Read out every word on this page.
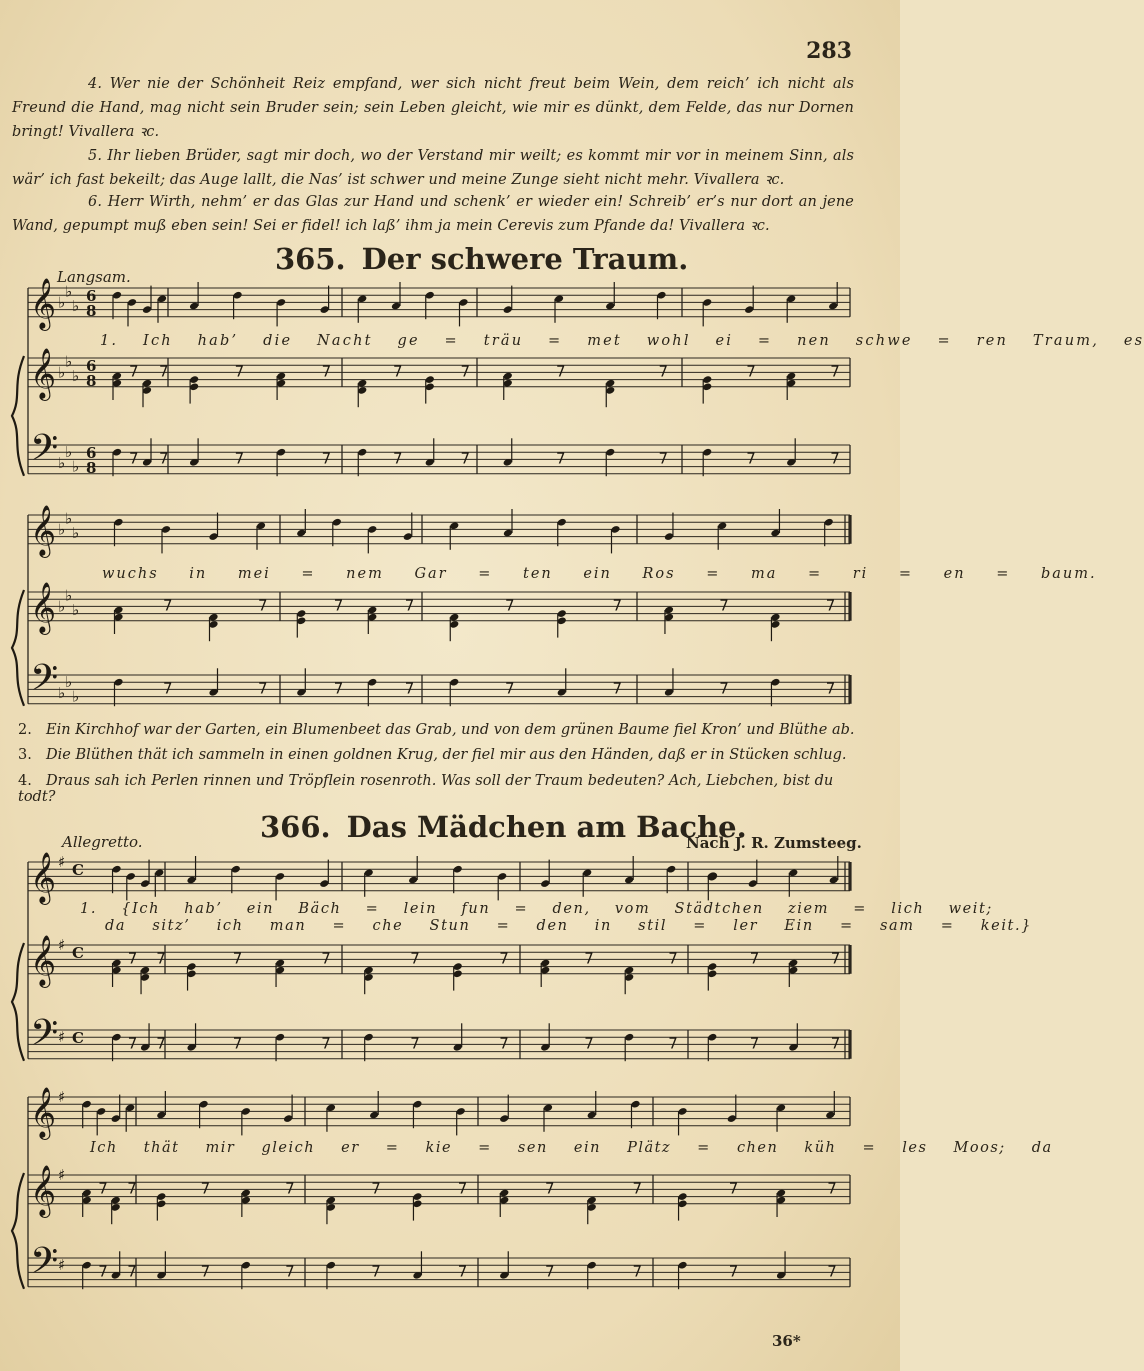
283
4. Wer nie der Schönheit Reiz empfand, wer sich nicht freut beim Wein, dem reich’ ich nicht als Freund die Hand, mag nicht sein Bruder sein; sein Leben gleicht, wie mir es dünkt, dem Felde, das nur Dornen bringt! Vivallera ꝛc.
5. Ihr lieben Brüder, sagt mir doch, wo der Verstand mir weilt; es kommt mir vor in meinem Sinn, als wär’ ich fast bekeilt; das Auge lallt, die Nas’ ist schwer und meine Zunge sieht nicht mehr. Vivallera ꝛc.
6. Herr Wirth, nehm’ er das Glas zur Hand und schenk’ er wieder ein! Schreib’ er’s nur dort an jene Wand, gepumpt muß eben sein! Sei er fidel! ich laß’ ihm ja mein Cerevis zum Pfande da! Vivallera ꝛc.
365. Der schwere Traum.
Langsam.
1. Ich hab’ die Nacht ge = träu = met wohl ei = nen schwe = ren Traum, es
wuchs in mei = nem Gar = ten ein Ros = ma = ri = en = baum.
2. Ein Kirchhof war der Garten, ein Blumenbeet das Grab, und von dem grünen Baume fiel Kron’ und Blüthe ab.
3. Die Blüthen thät ich sammeln in einen goldnen Krug, der fiel mir aus den Händen, daß er in Stücken schlug.
4. Draus sah ich Perlen rinnen und Tröpflein rosenroth. Was soll der Traum bedeuten? Ach, Liebchen, bist du todt?
366. Das Mädchen am Bache.
Allegretto.	Nach J. R. Zumsteeg.
1. {Ich hab’ ein Bäch = lein fun = den, vom Städtchen ziem = lich weit;
da sitz’ ich man = che Stun = den in stil = ler Ein = sam = keit.}
Ich thät mir gleich er = kie = sen ein Plätz = chen küh = les Moos; da
36*
𝄞 ♭
♭
♭
6
8
𝄞 ♭
♭
♭
6
8
𝄢 ♭
♭
♭
6
8
7
7
7
7
7
7
7
7
7
7
7
7
7
7
7
7
7
7
7
7
𝄞 ♭
♭
♭
𝄞 ♭
♭
♭
𝄢 ♭
♭
♭
7
7
7
7
7
7
7
7
7
7
7
7
7
7
7
7
𝄞 ♯ C
𝄞 ♯ C
𝄢 ♯ C
7
7
7
7
7
7
7
7
7
7
7
7
7
7
7
7
7
7
7
7
𝄞 ♯
𝄞 ♯
𝄢 ♯
7
7
7
7
7
7
7
7
7
7
7
7
7
7
7
7
7
7
7
7
